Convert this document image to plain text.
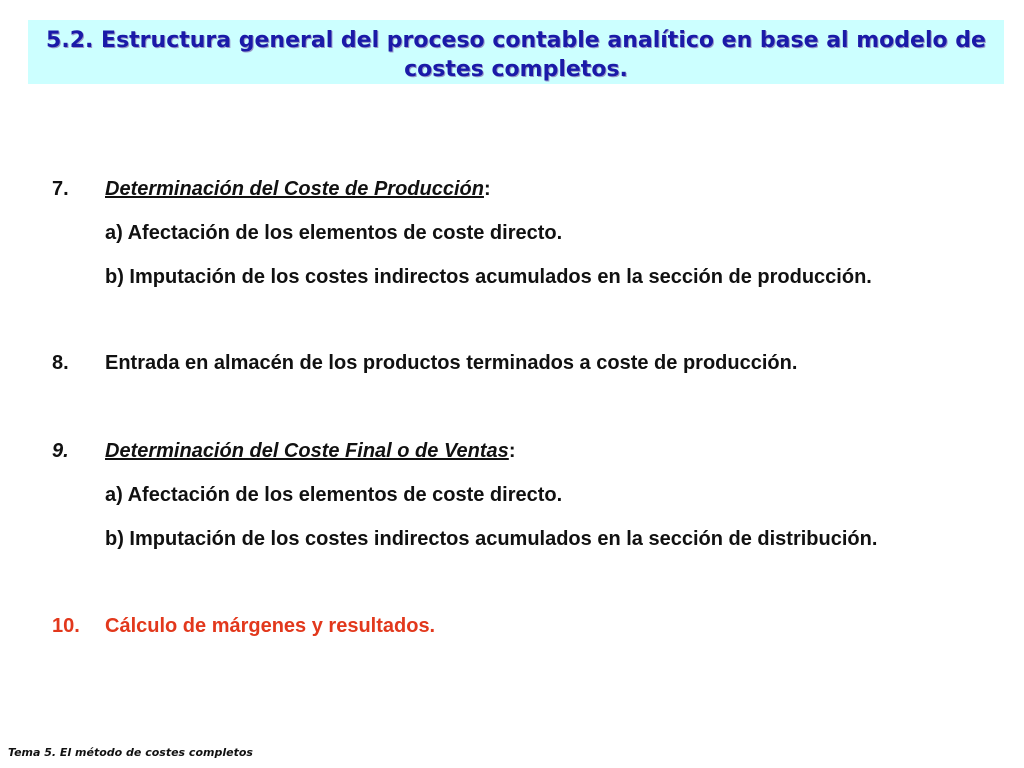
5.2. Estructura general del proceso contable analítico en base al modelo de costes completos.
7. Determinación del Coste de Producción:
a) Afectación de los elementos de coste directo.
b) Imputación de los costes indirectos acumulados en la sección de producción.
8. Entrada en almacén de los productos terminados a coste de producción.
9. Determinación del Coste Final o de Ventas:
a) Afectación de los elementos de coste directo.
b) Imputación de los costes indirectos acumulados en la sección de distribución.
10. Cálculo de márgenes y resultados.
Tema 5. El método de costes completos
